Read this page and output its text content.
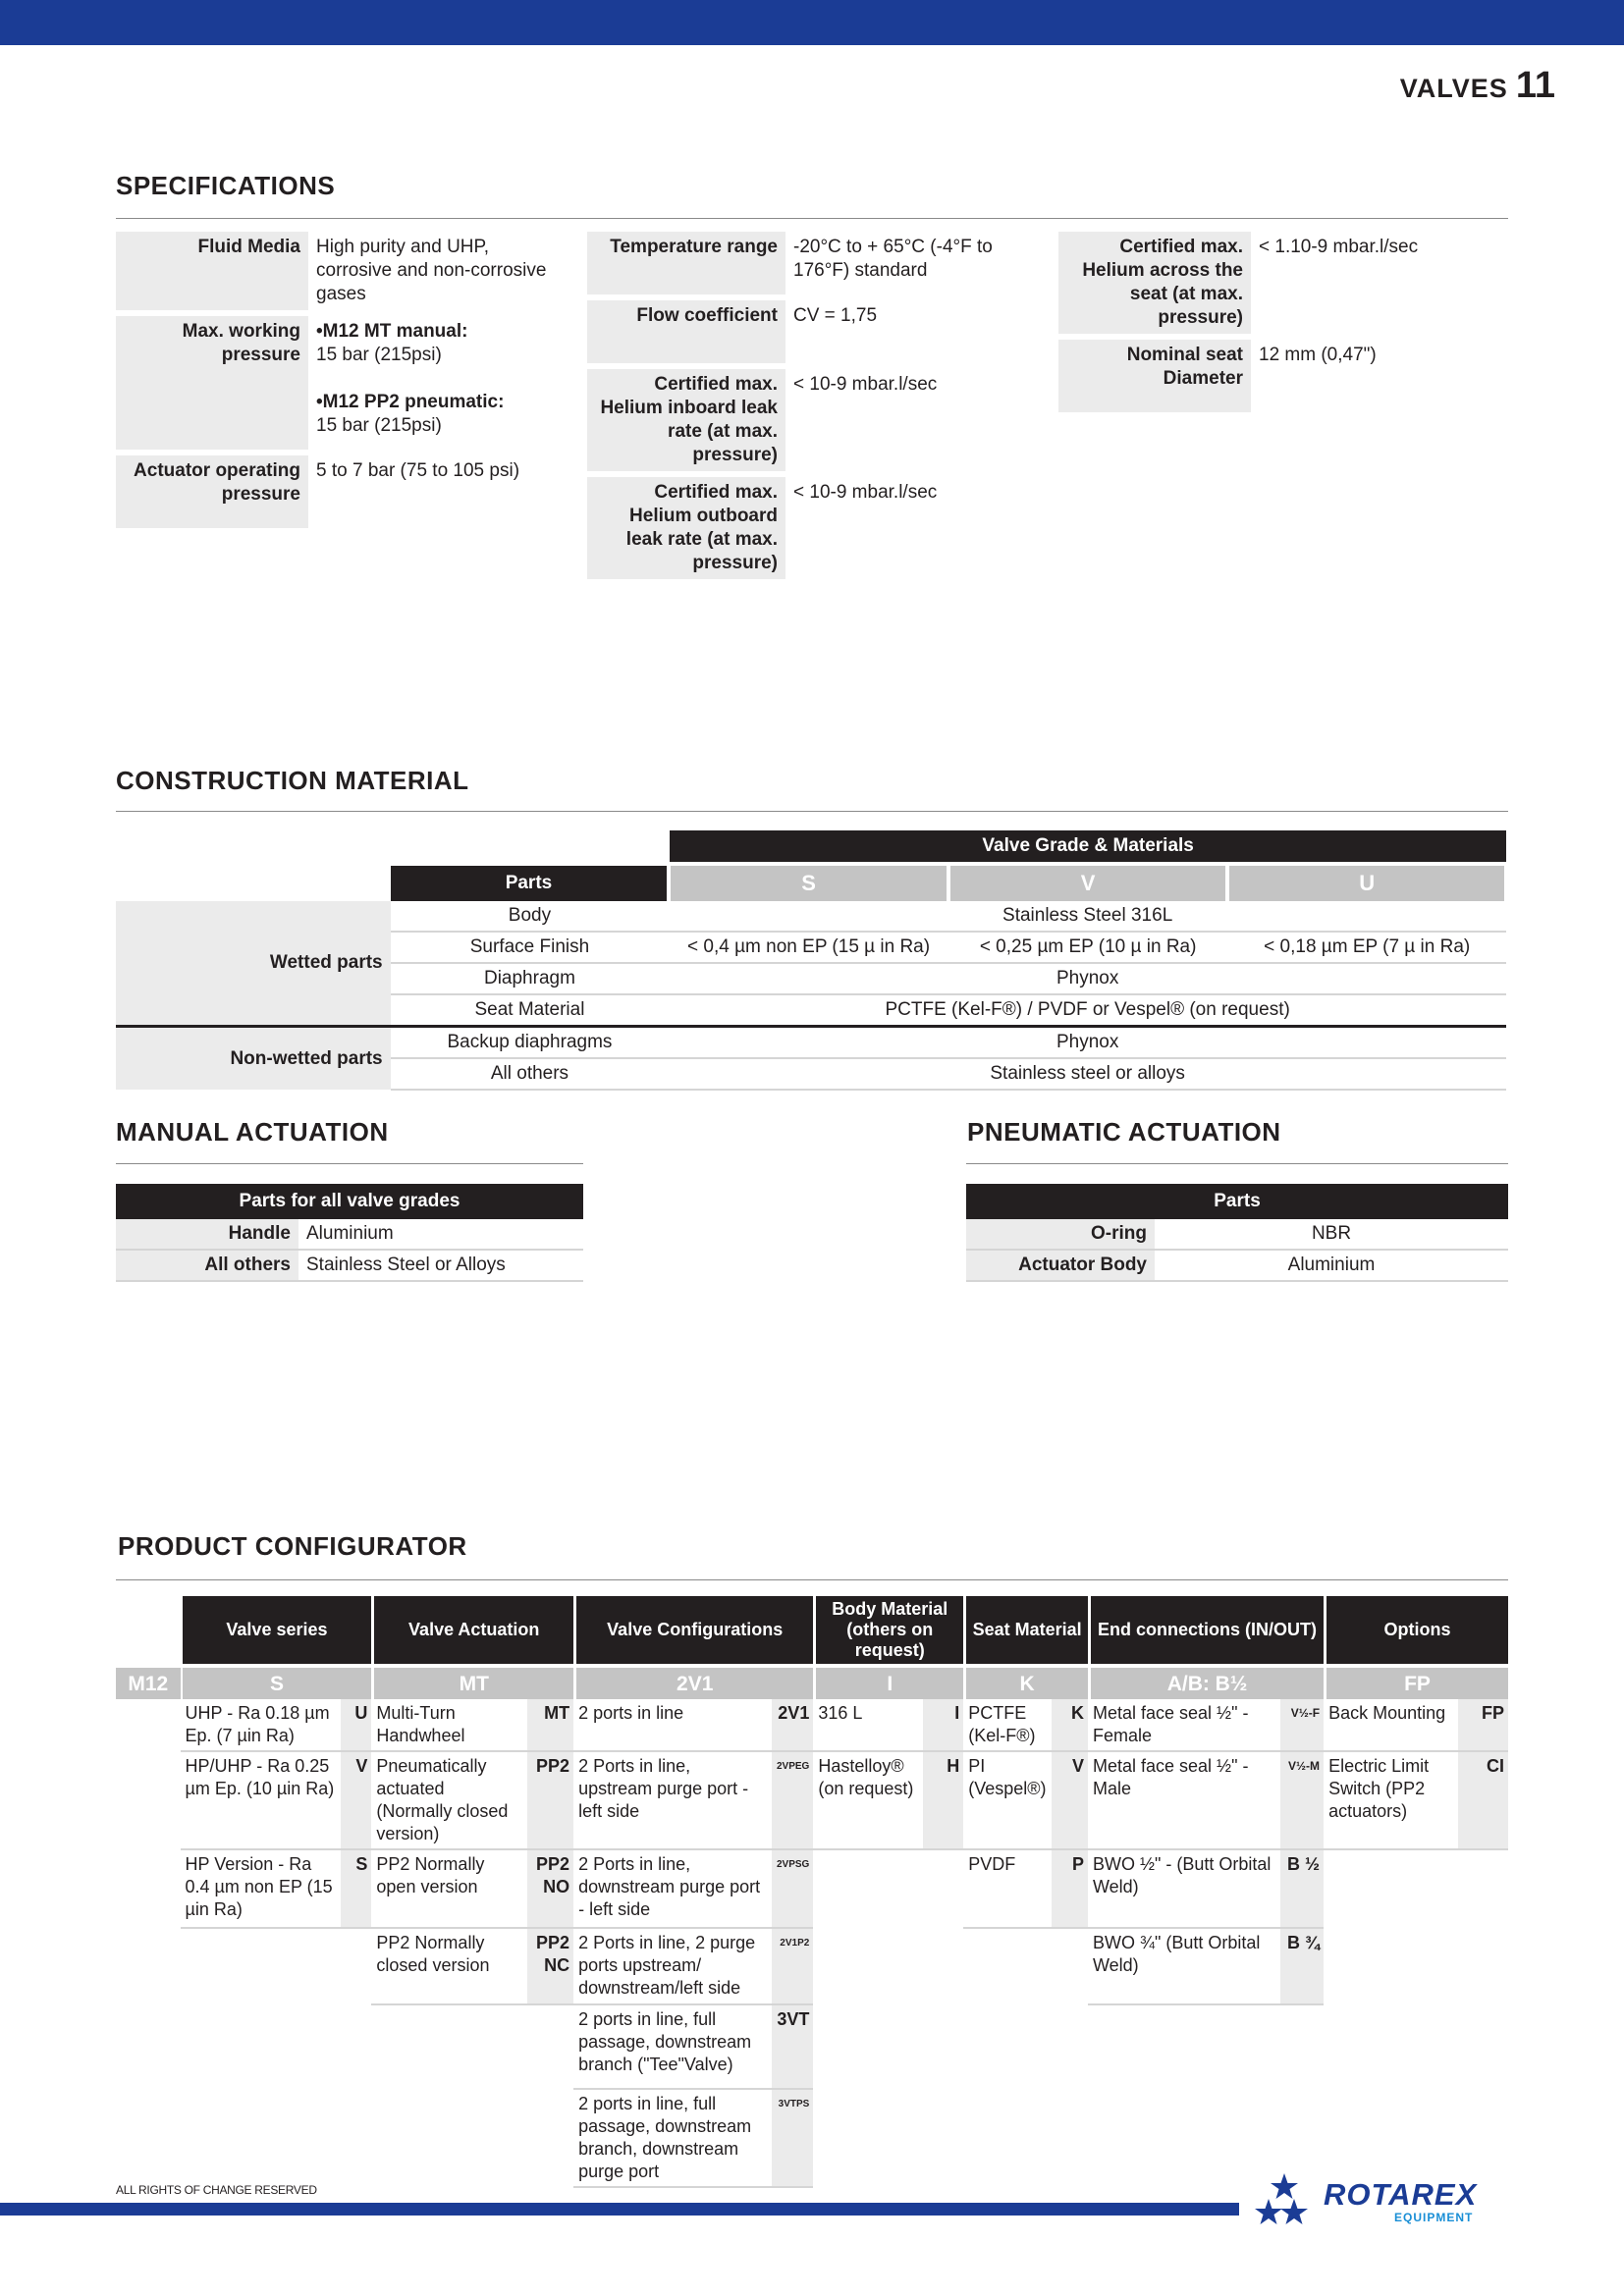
VALVES 11
SPECIFICATIONS
Fluid Media	High purity and UHP, corrosive and non-corrosive gases
Max. working pressure	•M12 MT manual:
15 bar (215psi)
•M12 PP2 pneumatic:
15 bar (215psi)

Actuator operating pressure	5 to 7 bar (75 to 105 psi)
Temperature range	-20°C to + 65°C (-4°F to 176°F) standard
Flow coefficient	CV = 1,75
Certified max. Helium inboard leak rate (at max. pressure)	< 10-9 mbar.l/sec
Certified max. Helium outboard leak rate (at max. pressure)	< 10-9 mbar.l/sec
Certified max. Helium across the seat (at max. pressure)	< 1.10-9 mbar.l/sec
Nominal seat Diameter	12 mm (0,47")
CONSTRUCTION MATERIAL
		Valve Grade & Materials		
	Parts	S	V	U
Wetted parts	Body	Stainless Steel 316L		
	Surface Finish	< 0,4 µm non EP (15 µ in Ra)	< 0,25 µm EP (10 µ in Ra)	< 0,18 µm EP (7 µ in Ra)
	Diaphragm	Phynox		
	Seat Material	PCTFE (Kel-F®) / PVDF or Vespel® (on request)		
Non-wetted parts	Backup diaphragms	Phynox		
	All others	Stainless steel or alloys		
MANUAL ACTUATION
Parts for all valve grades	
Handle	Aluminium
All others	Stainless Steel or Alloys
PNEUMATIC ACTUATION
Parts	
O-ring	NBR
Actuator Body	Aluminium
PRODUCT CONFIGURATOR
	Valve series		Valve Actuation		Valve Configurations		Body Material (others on request)		Seat Material		End connections (IN/OUT)		Options	
M12	S		MT		2V1		I		K		A/B: B½		FP	
	UHP - Ra 0.18 µm Ep. (7 µin Ra)	U	Multi-Turn Handwheel	MT	2 ports in line	2V1	316 L	I	PCTFE (Kel-F®)	K	Metal face seal ½" - Female	V½-F	Back Mounting	FP
	HP/UHP - Ra 0.25 µm Ep. (10 µin Ra)	V	Pneumatically actuated (Normally closed version)	PP2	2 Ports in line, upstream purge port - left side	2VPEG	Hastelloy® (on request)	H	PI (Vespel®)	V	Metal face seal ½" - Male	V½-M	Electric Limit Switch (PP2 actuators)	CI
	HP Version - Ra 0.4 µm non EP (15 µin Ra)	S	PP2 Normally open version	PP2 NO	2 Ports in line, downstream purge port - left side	2VPSG			PVDF	P	BWO ½" - (Butt Orbital Weld)	B ½		
			PP2 Normally closed version	PP2 NC	2 Ports in line, 2 purge ports upstream/ downstream/left side	2V1P2					BWO ¾" (Butt Orbital Weld)	B ¾		
					2 ports in line, full passage, downstream branch ("Tee"Valve)	3VT								
					2 ports in line, full passage, downstream branch, downstream purge port	3VTPS								
ALL RIGHTS OF CHANGE RESERVED	ROTAREX
EQUIPMENT
